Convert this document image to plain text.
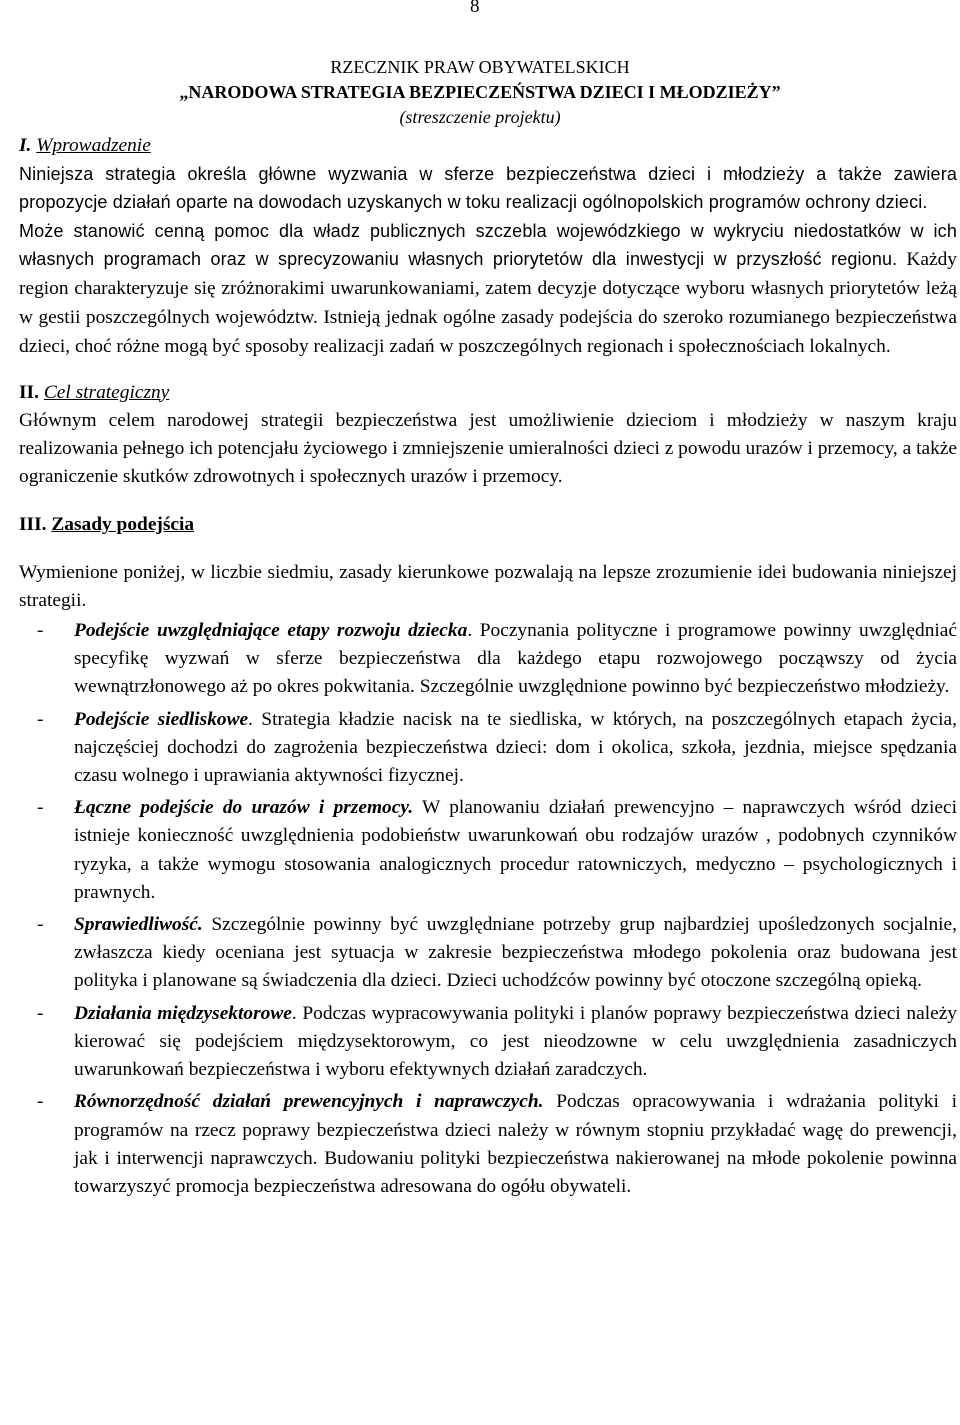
8
RZECZNIK PRAW OBYWATELSKICH
„NARODOWA STRATEGIA BEZPIECZEŃSTWA DZIECI I MŁODZIEŻY”
(streszczenie projektu)
I. Wprowadzenie

Niniejsza strategia określa główne wyzwania w sferze bezpieczeństwa dzieci i młodzieży a także zawiera propozycje działań oparte na dowodach uzyskanych w toku realizacji ogólnopolskich programów ochrony dzieci.

Może stanowić cenną pomoc dla władz publicznych szczebla wojewódzkiego w wykryciu niedostatków w ich własnych programach oraz w sprecyzowaniu własnych priorytetów dla inwestycji w przyszłość regionu. Każdy region charakteryzuje się zróżnorakimi uwarunkowaniami, zatem decyzje dotyczące wyboru własnych priorytetów leżą w gestii poszczególnych województw. Istnieją jednak ogólne zasady podejścia do szeroko rozumianego bezpieczeństwa dzieci, choć różne mogą być sposoby realizacji zadań w poszczególnych regionach i społecznościach lokalnych.

II. Cel strategiczny

Głównym celem narodowej strategii bezpieczeństwa jest umożliwienie dzieciom i młodzieży w naszym kraju realizowania pełnego ich potencjału życiowego i zmniejszenie umieralności dzieci z powodu urazów i przemocy, a także ograniczenie skutków zdrowotnych i społecznych urazów i przemocy.

III. Zasady podejścia

Wymienione poniżej, w liczbie siedmiu, zasady kierunkowe pozwalają na lepsze zrozumienie idei budowania niniejszej strategii.

- Podejście uwzględniające etapy rozwoju dziecka. Poczynania polityczne i programowe powinny uwzględniać specyfikę wyzwań w sferze bezpieczeństwa dla każdego etapu rozwojowego począwszy od życia wewnątrzłonowego aż po okres pokwitania. Szczególnie uwzględnione powinno być bezpieczeństwo młodzieży.
- Podejście siedliskowe. Strategia kładzie nacisk na te siedliska, w których, na poszczególnych etapach życia, najczęściej dochodzi do zagrożenia bezpieczeństwa dzieci: dom i okolica, szkoła, jezdnia, miejsce spędzania czasu wolnego i uprawiania aktywności fizycznej.
- Łączne podejście do urazów i przemocy. W planowaniu działań prewencyjno – naprawczych wśród dzieci istnieje konieczność uwzględnienia podobieństw uwarunkowań obu rodzajów urazów , podobnych czynników ryzyka, a także wymogu stosowania analogicznych procedur ratowniczych, medyczno – psychologicznych i prawnych.
- Sprawiedliwość. Szczególnie powinny być uwzględniane potrzeby grup najbardziej upośledzonych socjalnie, zwłaszcza kiedy oceniana jest sytuacja w zakresie bezpieczeństwa młodego pokolenia oraz budowana jest polityka i planowane są świadczenia dla dzieci. Dzieci uchodźców powinny być otoczone szczególną opieką.
- Działania międzysektorowe. Podczas wypracowywania polityki i planów poprawy bezpieczeństwa dzieci należy kierować się podejściem międzysektorowym, co jest nieodzowne w celu uwzględnienia zasadniczych uwarunkowań bezpieczeństwa i wyboru efektywnych działań zaradczych.
- Równorzędność działań prewencyjnych i naprawczych. Podczas opracowywania i wdrażania polityki i programów na rzecz poprawy bezpieczeństwa dzieci należy w równym stopniu przykładać wagę do prewencji, jak i interwencji naprawczych. Budowaniu polityki bezpieczeństwa nakierowanej na młode pokolenie powinna towarzyszyć promocja bezpieczeństwa adresowana do ogółu obywateli.
